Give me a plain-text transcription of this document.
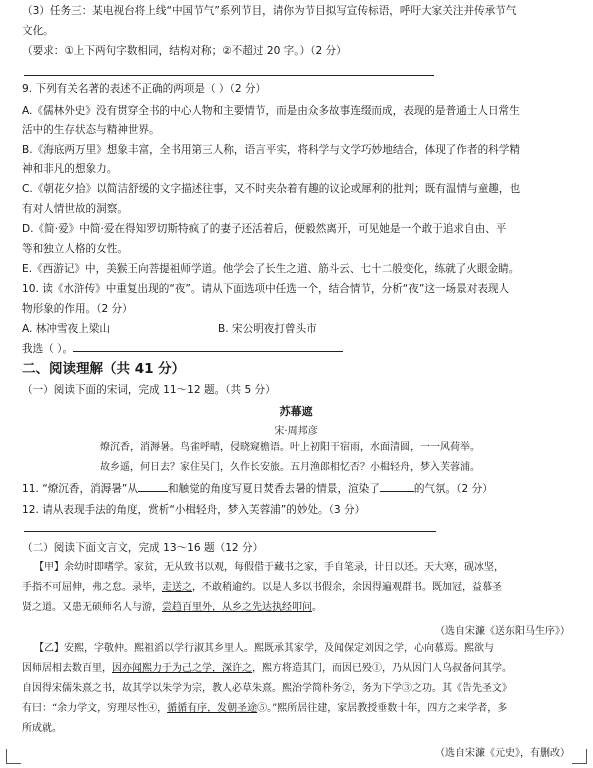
（3）任务三：某电视台将上线“中国节气”系列节目，请你为节目拟写宣传标语，呼吁大家关注并传承节气
文化。
（要求：①上下两句字数相同，结构对称；②不超过 20 字。）（2 分）
9. 下列有关名著的表述不正确的两项是（ ）（2 分）
A.《儒林外史》没有贯穿全书的中心人物和主要情节，而是由众多故事连缀而成，表现的是普通士人日常生
活中的生存状态与精神世界。
B.《海底两万里》想象丰富，全书用第三人称，语言平实，将科学与文学巧妙地结合，体现了作者的科学精
神和非凡的想象力。
C.《朝花夕拾》以简洁舒缓的文字描述往事，又不时夹杂着有趣的议论或犀利的批判；既有温情与童趣，也
有对人情世故的洞察。
D.《简·爱》中简·爱在得知罗切斯特疯了的妻子还活着后，便毅然离开，可见她是一个敢于追求自由、平
等和独立人格的女性。
E.《西游记》中，美猴王向菩提祖师学道。他学会了长生之道、筋斗云、七十二般变化，练就了火眼金睛。
10. 读《水浒传》中重复出现的“夜”。请从下面选项中任选一个，结合情节，分析“夜”这一场景对表现人
物形象的作用。（2 分）
A. 林冲雪夜上梁山	B. 宋公明夜打曾头市
我选（ ）。
二、阅读理解（共 41 分）
（一）阅读下面的宋词，完成 11～12 题。（共 5 分）
苏幕遮
宋·周邦彦
燎沉香，消溽暑。鸟雀呼晴，侵晓窥檐语。叶上初阳干宿雨，水面清圆，一一风荷举。
故乡遥，何日去？家住吴门，久作长安旅。五月渔郎相忆否？小楫轻舟，梦入芙蓉浦。
11. “燎沉香，消溽暑”从	和触觉的角度写夏日焚香去暑的情景，渲染了	的气氛。（2 分）
12. 请从表现手法的角度，赏析“小楫轻舟，梦入芙蓉浦”的妙处。（3 分）
（二）阅读下面文言文，完成 13～16 题（12 分）
【甲】余幼时即嗜学。家贫，无从致书以观，每假借于藏书之家，手自笔录，计日以还。天大寒，砚冰坚，
手指不可屈伸，弗之怠。录毕，走送之，不敢稍逾约。以是人多以书假余，余因得遍观群书。既加冠，益慕圣
贤之道。又患无硕师名人与游，尝趋百里外，从乡之先达执经叩问。
（选自宋濂《送东阳马生序》）
【乙】安熙，字敬仲。熙祖滔以学行淑其乡里人。熙既承其家学，及闻保定刘因之学，心向慕焉。熙欲与
因师居相去数百里，因亦闻熙力于为己之学，深许之，熙方将造其门，而因已殁①，乃从因门人乌叔备问其学。
自因得宋儒朱熹之书，故其学以朱学为宗，教人必草朱熹。熙治学简朴务②，务为下学③之功。其《告先圣文》
有曰：“余力学文，穷理尽性④，循循有序，发朝圣途⑤。”熙所居往建，家居教授垂数十年，四方之来学者，多
所成就。
（选自宋濂《元史》，有删改）
